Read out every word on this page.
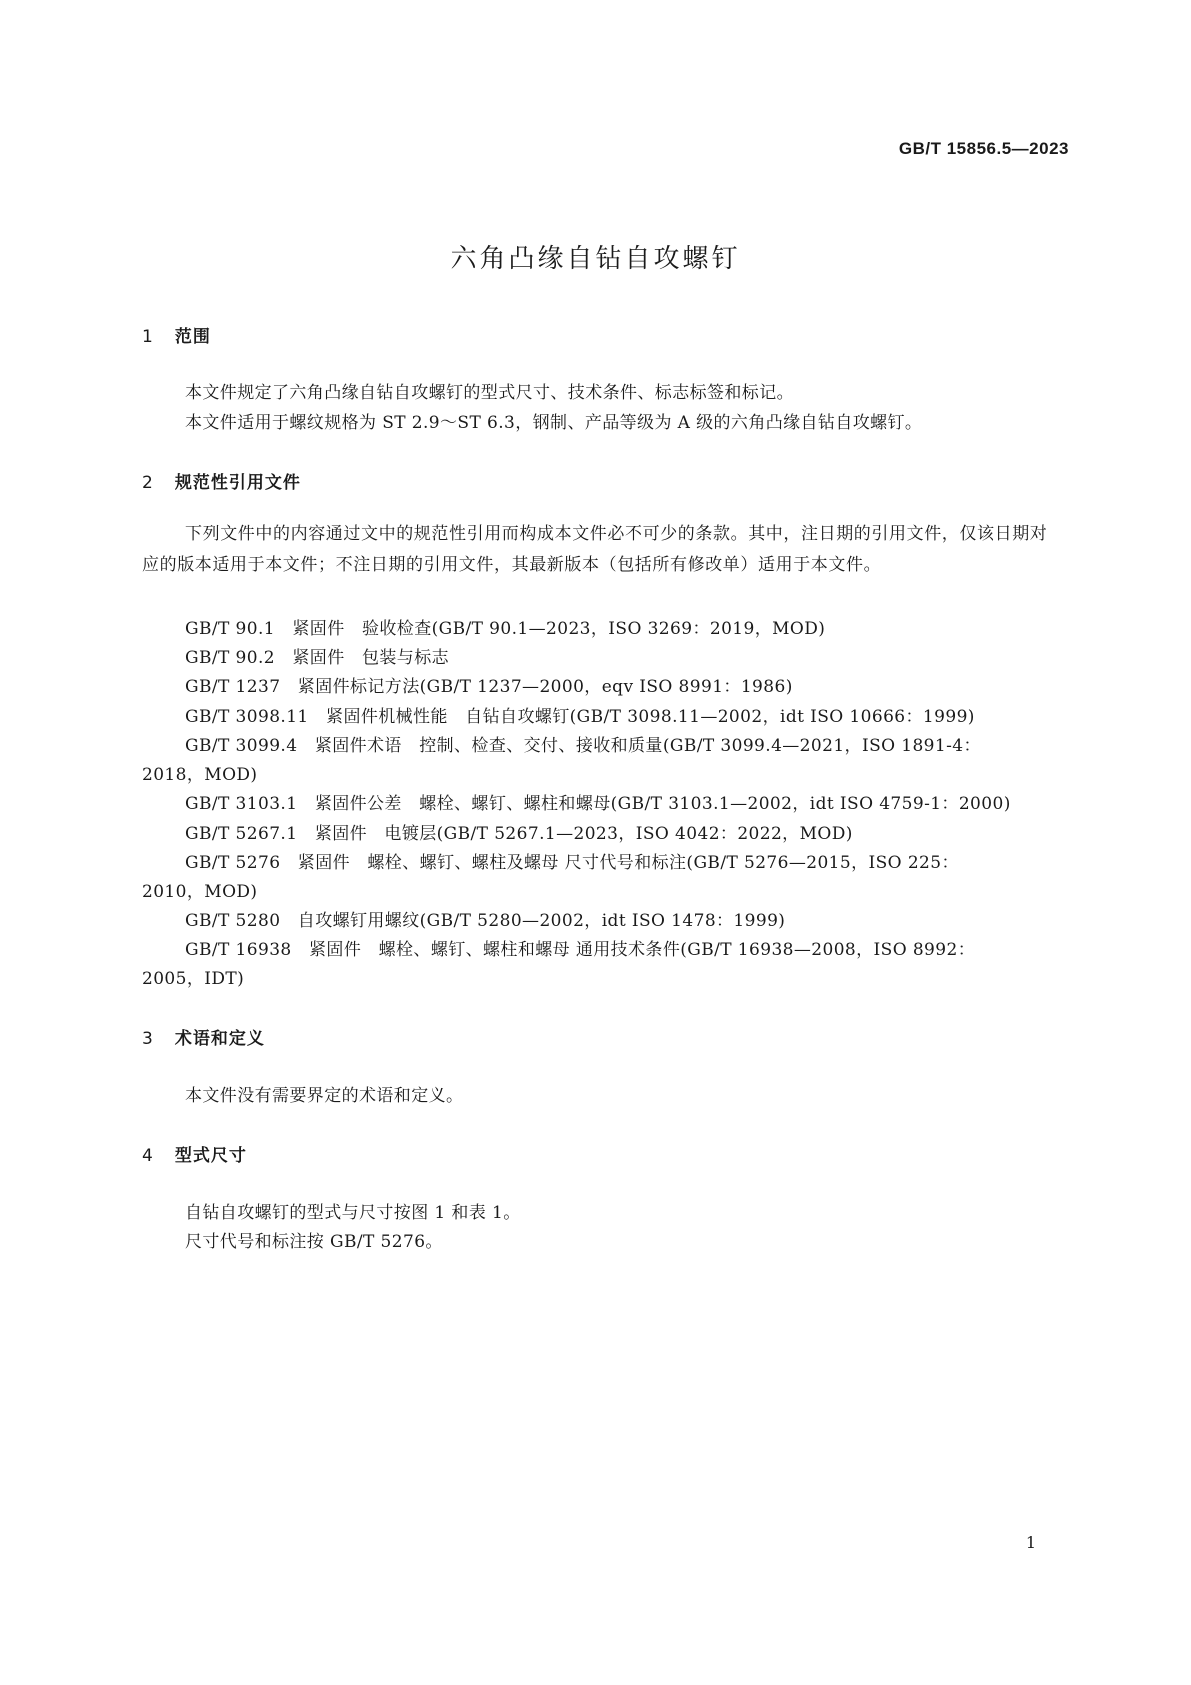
GB/T 15856.5—2023
六角凸缘自钻自攻螺钉
1 范围
本文件规定了六角凸缘自钻自攻螺钉的型式尺寸、技术条件、标志标签和标记。
本文件适用于螺纹规格为 ST 2.9～ST 6.3，钢制、产品等级为 A 级的六角凸缘自钻自攻螺钉。
2 规范性引用文件
下列文件中的内容通过文中的规范性引用而构成本文件必不可少的条款。其中，注日期的引用文件，仅该日期对应的版本适用于本文件；不注日期的引用文件，其最新版本（包括所有修改单）适用于本文件。
GB/T 90.1　紧固件　验收检查(GB/T 90.1—2023，ISO 3269：2019，MOD)
GB/T 90.2　紧固件　包装与标志
GB/T 1237　紧固件标记方法(GB/T 1237—2000，eqv ISO 8991：1986)
GB/T 3098.11　紧固件机械性能　自钻自攻螺钉(GB/T 3098.11—2002，idt ISO 10666：1999)
GB/T 3099.4　紧固件术语　控制、检查、交付、接收和质量(GB/T 3099.4—2021，ISO 1891-4：
2018，MOD)
GB/T 3103.1　紧固件公差　螺栓、螺钉、螺柱和螺母(GB/T 3103.1—2002，idt ISO 4759-1：2000)
GB/T 5267.1　紧固件　电镀层(GB/T 5267.1—2023，ISO 4042：2022，MOD)
GB/T 5276　紧固件　螺栓、螺钉、螺柱及螺母 尺寸代号和标注(GB/T 5276—2015，ISO 225：
2010，MOD)
GB/T 5280　自攻螺钉用螺纹(GB/T 5280—2002，idt ISO 1478：1999)
GB/T 16938　紧固件　螺栓、螺钉、螺柱和螺母 通用技术条件(GB/T 16938—2008，ISO 8992：
2005，IDT)
3 术语和定义
本文件没有需要界定的术语和定义。
4 型式尺寸
自钻自攻螺钉的型式与尺寸按图 1 和表 1。
尺寸代号和标注按 GB/T 5276。
1
